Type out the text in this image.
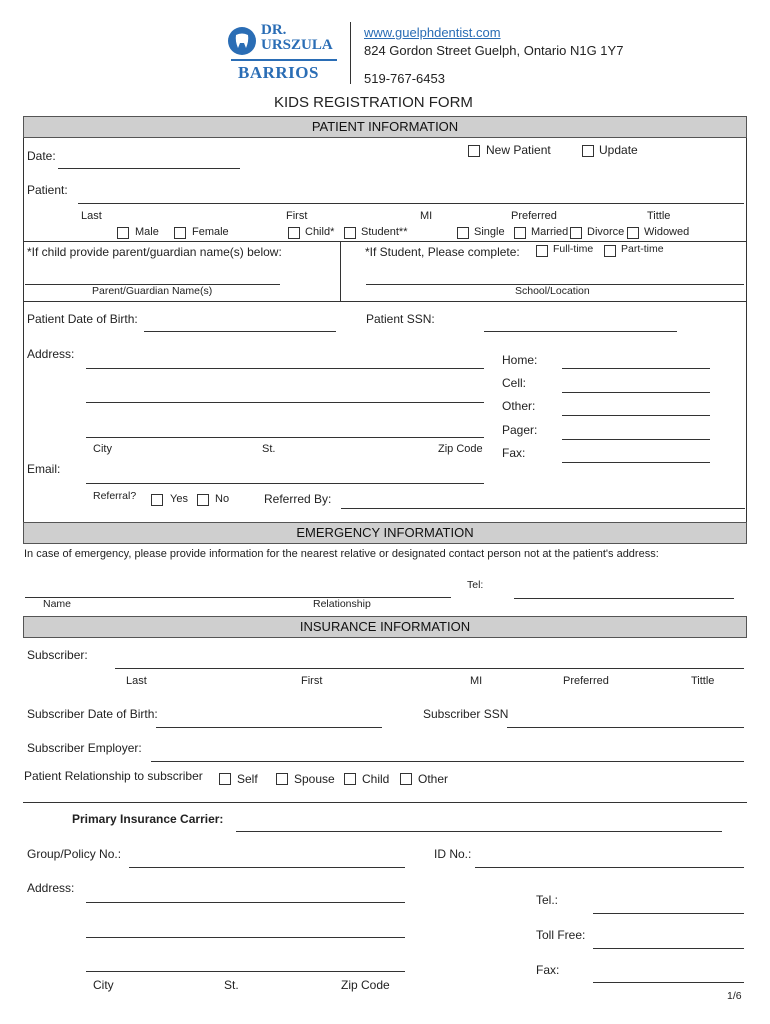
DR.
URSZULA
BARRIOS
www.guelphdentist.com
824 Gordon Street Guelph, Ontario N1G 1Y7
519-767-6453
KIDS REGISTRATION FORM
PATIENT INFORMATION
New Patient	Update
Date:
Patient:
Last	First	MI	Preferred	Tittle
Male	Female	Child* Student**	Single Married Divorce Widowed
*If child provide parent/guardian name(s) below:	*If Student, Please complete:	Full-time	Part-time
Parent/Guardian Name(s)	School/Location
Patient Date of Birth:	Patient SSN:
Address:
City	St.	Zip Code
Home:
Cell:
Other:
Pager:
Fax:
Email:
Referral?	Yes No	Referred By:
EMERGENCY INFORMATION
In case of emergency, please provide information for the nearest relative or designated contact person not at the patient's address:
Tel:
Name	Relationship
INSURANCE INFORMATION
Subscriber:
Last	First	MI	Preferred	Tittle
Subscriber Date of Birth:	Subscriber SSN
Subscriber Employer:
Patient Relationship to subscriber	Self	Spouse Child Other
Primary Insurance Carrier:
Group/Policy No.:	ID No.:
Address:
City	St.	Zip Code
Tel.:
Toll Free:
Fax:
1/6
